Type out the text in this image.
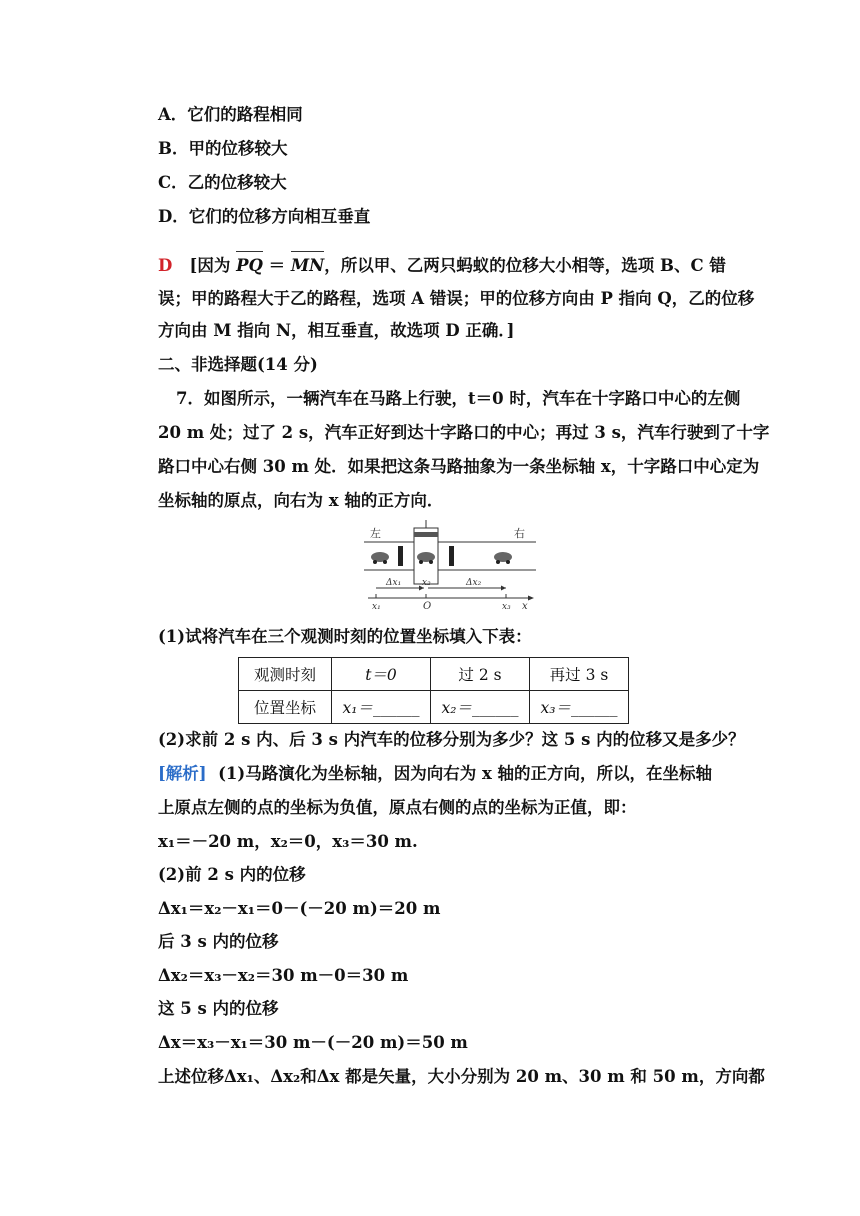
A．它们的路程相同
B．甲的位移较大
C．乙的位移较大
D．它们的位移方向相互垂直
D [因为 PQ ＝ MN，所以甲、乙两只蚂蚁的位移大小相等，选项 B、C 错
误；甲的路程大于乙的路程，选项 A 错误；甲的位移方向由 P 指向 Q，乙的位移
方向由 M 指向 N，相互垂直，故选项 D 正确．]
二、非选择题(14 分)
7．如图所示，一辆汽车在马路上行驶，t＝0 时，汽车在十字路口中心的左侧
20 m 处；过了 2 s，汽车正好到达十字路口的中心；再过 3 s，汽车行驶到了十字
路口中心右侧 30 m 处．如果把这条马路抽象为一条坐标轴 x，十字路口中心定为
坐标轴的原点，向右为 x 轴的正方向．
左	右
Δx₁ x₂	Δx₂
x₁	O	x₃ x
(1)试将汽车在三个观测时刻的位置坐标填入下表：
观测时刻	t＝0	过 2 s	再过 3 s
位置坐标	x₁＝______	x₂＝______	x₃＝______
(2)求前 2 s 内、后 3 s 内汽车的位移分别为多少？这 5 s 内的位移又是多少？
[解析] (1)马路演化为坐标轴，因为向右为 x 轴的正方向，所以，在坐标轴
上原点左侧的点的坐标为负值，原点右侧的点的坐标为正值，即：
x₁＝－20 m，x₂＝0，x₃＝30 m.
(2)前 2 s 内的位移
Δx₁＝x₂－x₁＝0－(－20 m)＝20 m
后 3 s 内的位移
Δx₂＝x₃－x₂＝30 m－0＝30 m
这 5 s 内的位移
Δx＝x₃－x₁＝30 m－(－20 m)＝50 m
上述位移Δx₁、Δx₂和Δx 都是矢量，大小分别为 20 m、30 m 和 50 m，方向都
